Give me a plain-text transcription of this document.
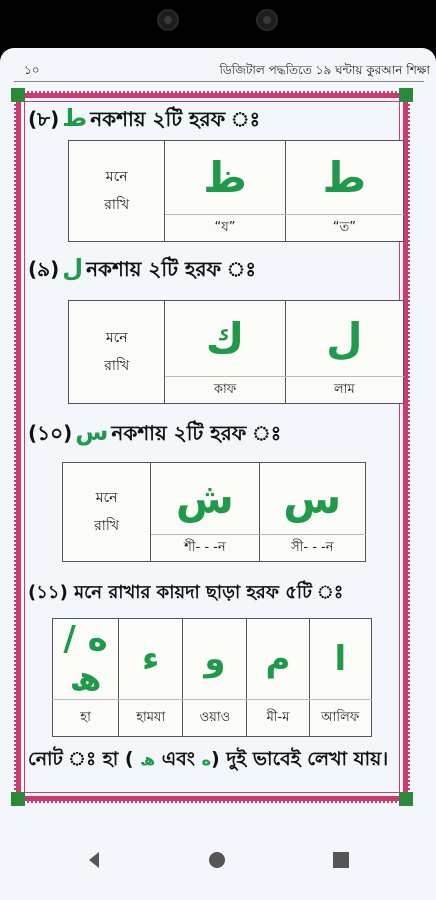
১০	ডিজিটাল পদ্ধতিতে ১৯ ঘন্টায় কুরআন শিক্ষা
(৮) ط নকশায় ২টি হরফ ঃ
মনে
রাখি	ظ	ط
	“য”	“ত”
(৯) ل নকশায় ২টি হরফ ঃ
মনে
রাখি	ك	ل
	কাফ	লাম
(১০) س নকশায় ২টি হরফ ঃ
মনে
রাখি	ش	س
	শী- - -ন	সী- - -ন
(১১) মনে রাখার কায়দা ছাড়া হরফ ৫টি ঃ
ه / ھ	ء	و	م	ا
হা	হামযা	ওয়াও	মী-ম	আলিফ
নোট ঃ হা ( ھ এবং ه) দুই ভাবেই লেখা যায়।
